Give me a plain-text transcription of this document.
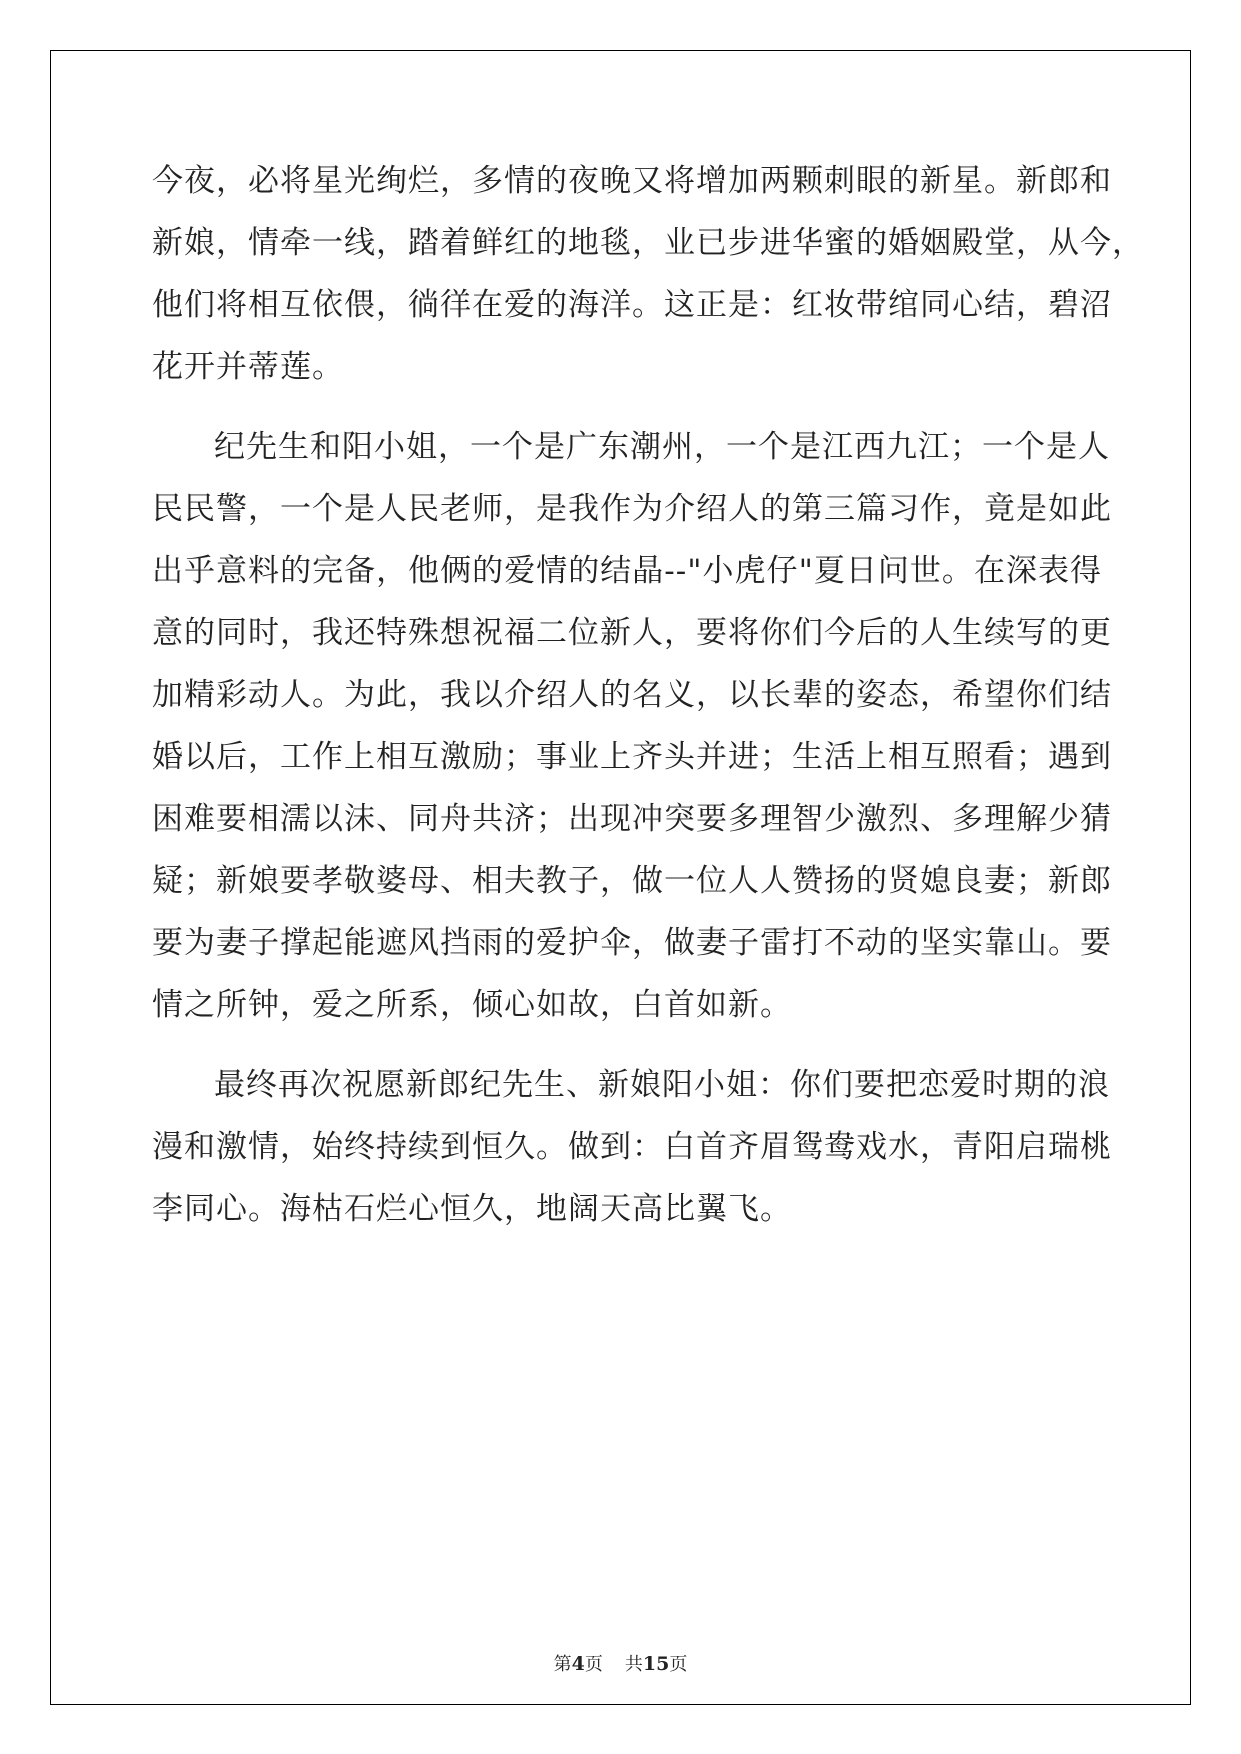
今夜，必将星光绚烂，多情的夜晚又将增加两颗刺眼的新星。新郎和
新娘，情牵一线，踏着鲜红的地毯，业已步进华蜜的婚姻殿堂，从今，
他们将相互依偎，徜徉在爱的海洋。这正是：红妆带绾同心结，碧沼
花开并蒂莲。
纪先生和阳小姐，一个是广东潮州，一个是江西九江；一个是人
民民警，一个是人民老师，是我作为介绍人的第三篇习作，竟是如此
出乎意料的完备，他俩的爱情的结晶--"小虎仔"夏日问世。在深表得
意的同时，我还特殊想祝福二位新人，要将你们今后的人生续写的更
加精彩动人。为此，我以介绍人的名义，以长辈的姿态，希望你们结
婚以后，工作上相互激励；事业上齐头并进；生活上相互照看；遇到
困难要相濡以沫、同舟共济；出现冲突要多理智少激烈、多理解少猜
疑；新娘要孝敬婆母、相夫教子，做一位人人赞扬的贤媳良妻；新郎
要为妻子撑起能遮风挡雨的爱护伞，做妻子雷打不动的坚实靠山。要
情之所钟，爱之所系，倾心如故，白首如新。
最终再次祝愿新郎纪先生、新娘阳小姐：你们要把恋爱时期的浪
漫和激情，始终持续到恒久。做到：白首齐眉鸳鸯戏水，青阳启瑞桃
李同心。海枯石烂心恒久，地阔天高比翼飞。
第4页 共15页
